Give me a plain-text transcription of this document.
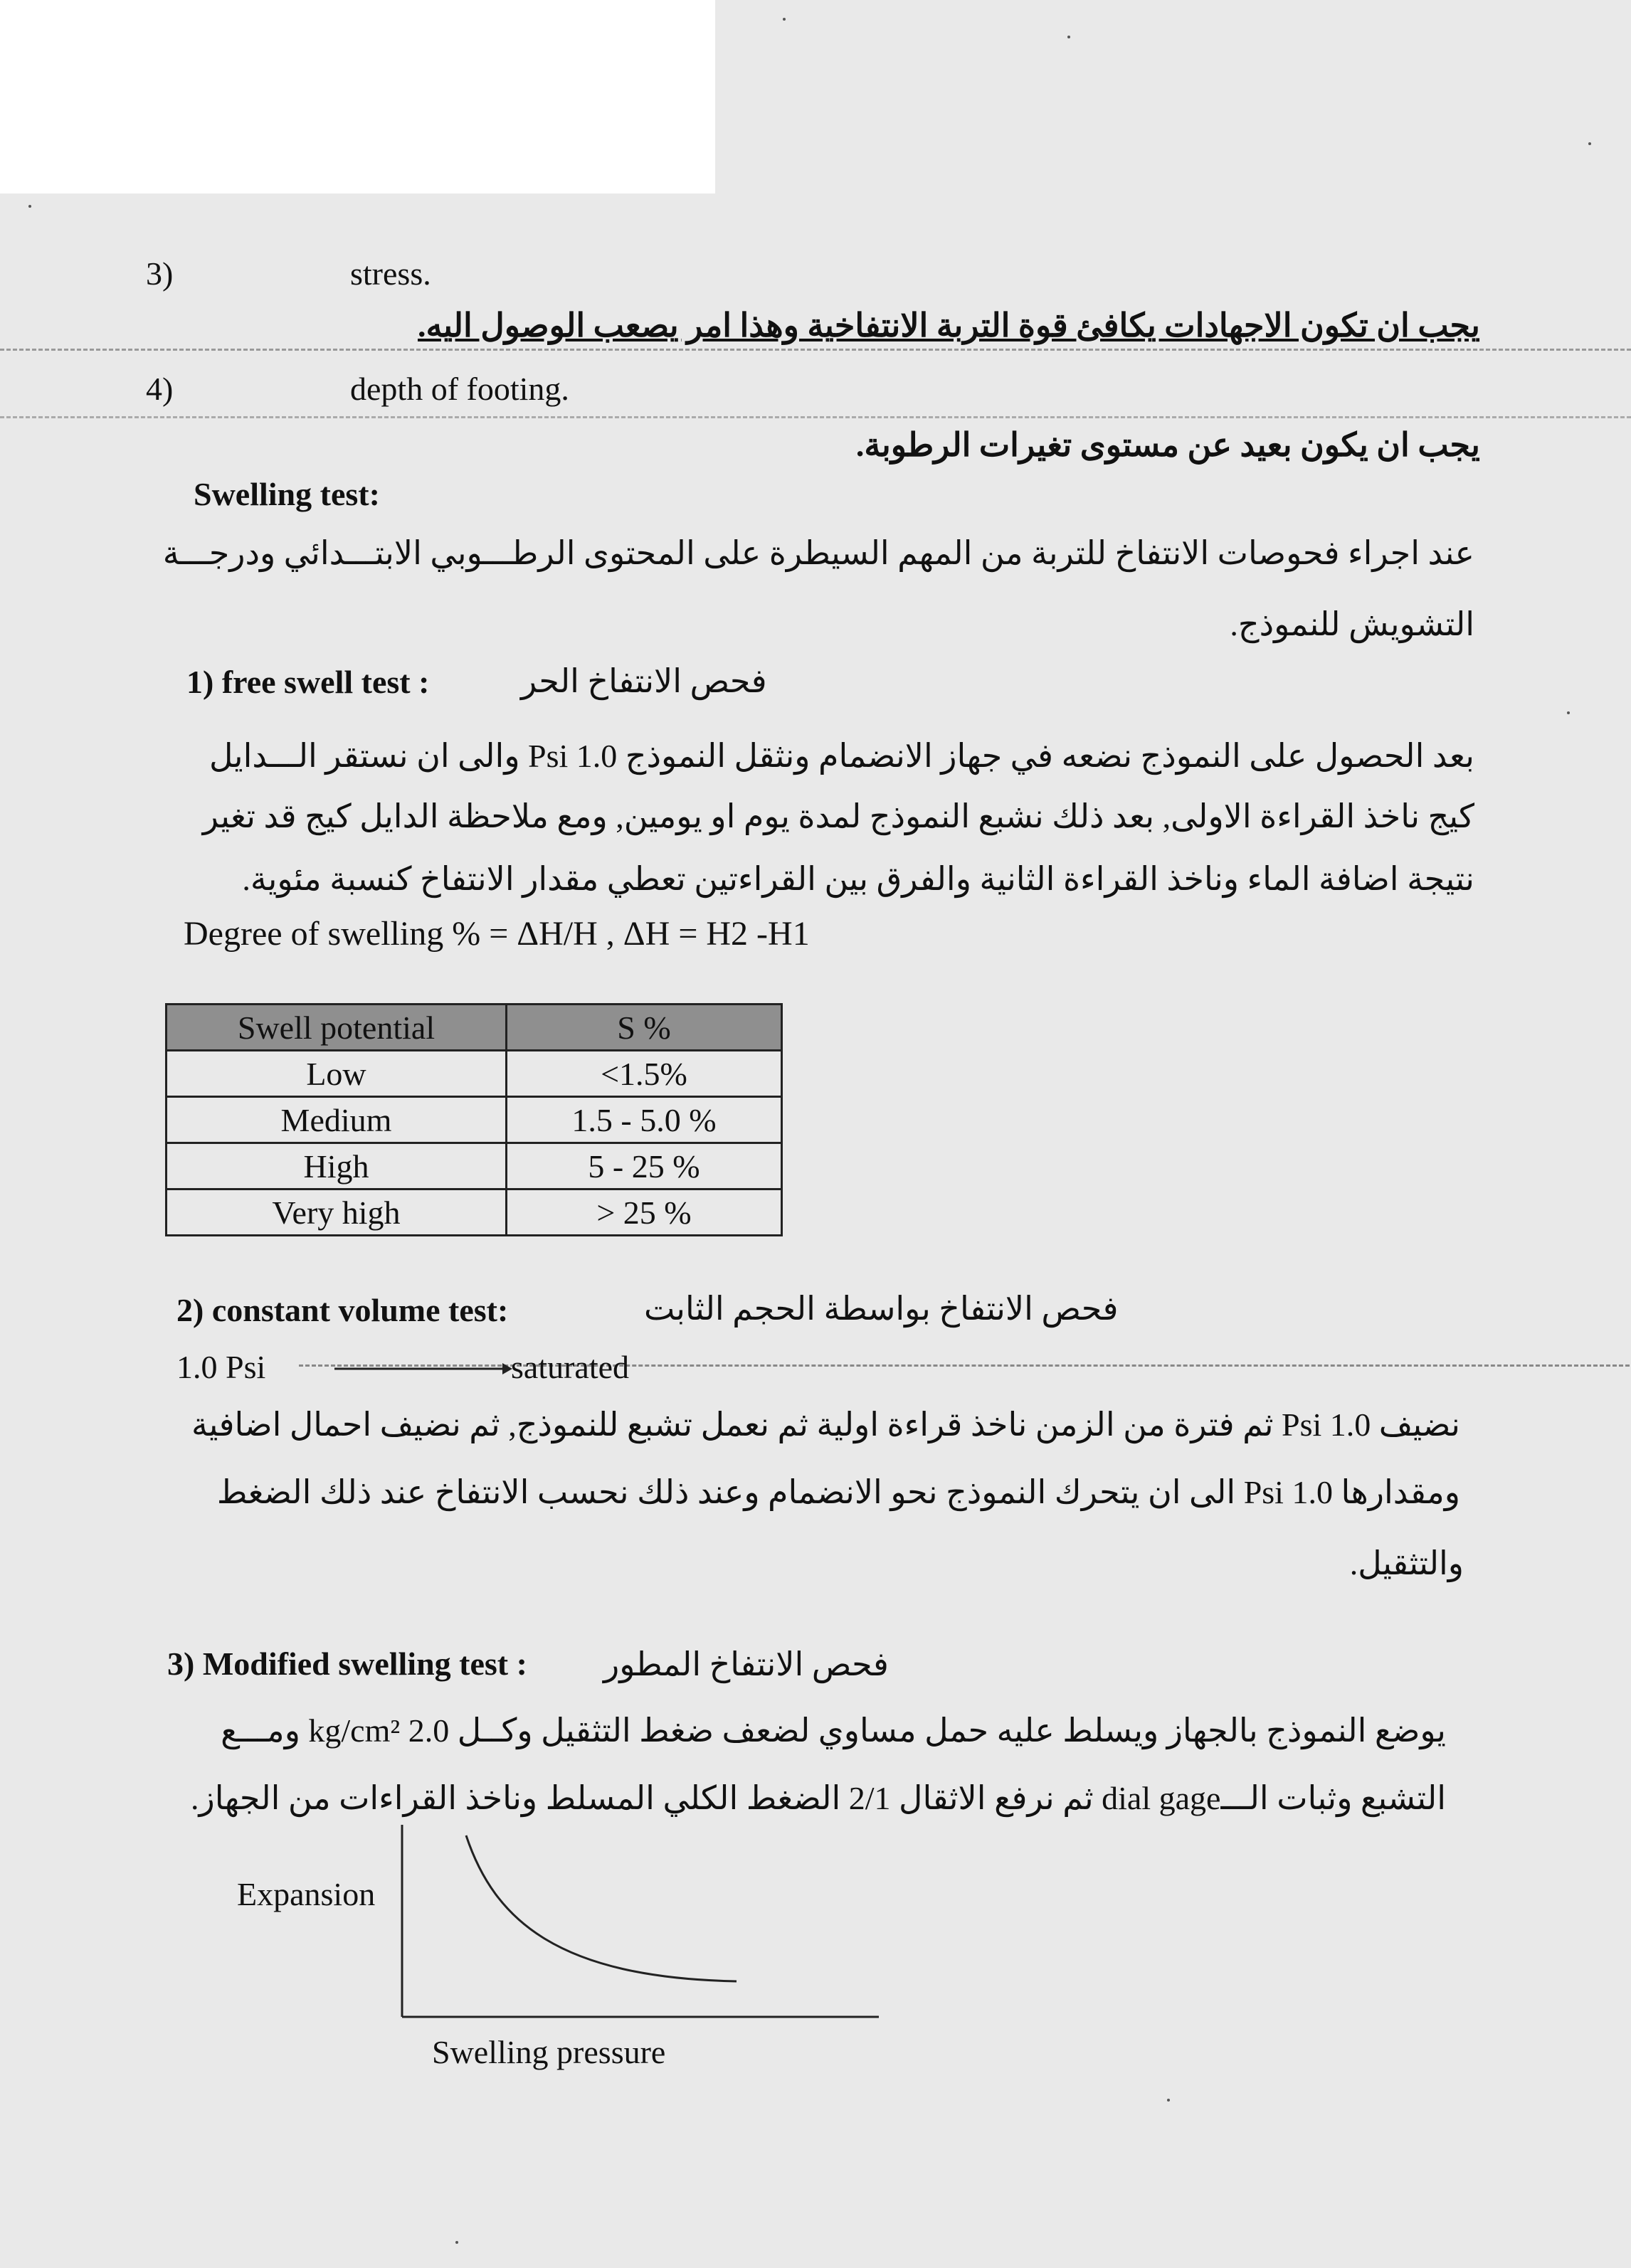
3)	stress.
يجب ان تكون الاجهادات يكافئ قوة التربة الانتفاخية وهذا امر يصعب الوصول اليه.
4)	depth of footing.
يجب ان يكون بعيد عن مستوى تغيرات الرطوبة.
Swelling test:
عند اجراء فحوصات الانتفاخ للتربة من المهم السيطرة على المحتوى الرطـــوبي الابتـــدائي ودرجـــة
التشويش للنموذج.
1) free swell test :	فحص الانتفاخ الحر
بعد الحصول على النموذج نضعه في جهاز الانضمام ونثقل النموذج 1.0 Psi والى ان نستقر الـــدايل
كيج ناخذ القراءة الاولى, بعد ذلك نشبع النموذج لمدة يوم او يومين, ومع ملاحظة الدايل كيج قد تغير
نتيجة اضافة الماء وناخذ القراءة الثانية والفرق بين القراءتين تعطي مقدار الانتفاخ كنسبة مئوية.
Degree of swelling % = ΔH/H , ΔH = H2 -H1
Swell potential	S %
Low	<1.5%
Medium	1.5 - 5.0 %
High	5 - 25 %
Very high	> 25 %
2) constant volume test:	فحص الانتفاخ بواسطة الحجم الثابت
1.0 Psi	saturated
نضيف 1.0 Psi ثم فترة من الزمن ناخذ قراءة اولية ثم نعمل تشبع للنموذج, ثم نضيف احمال اضافية
ومقدارها 1.0 Psi الى ان يتحرك النموذج نحو الانضمام وعند ذلك نحسب الانتفاخ عند ذلك الضغط
والتثقيل.
3) Modified swelling test : فحص الانتفاخ المطور
يوضع النموذج بالجهاز ويسلط عليه حمل مساوي لضعف ضغط التثقيل وكــل 2.0 kg/cm² ومـــع
التشبع وثبات الـــdial gage ثم نرفع الاثقال 2/1 الضغط الكلي المسلط وناخذ القراءات من الجهاز.
Expansion
Swelling pressure
